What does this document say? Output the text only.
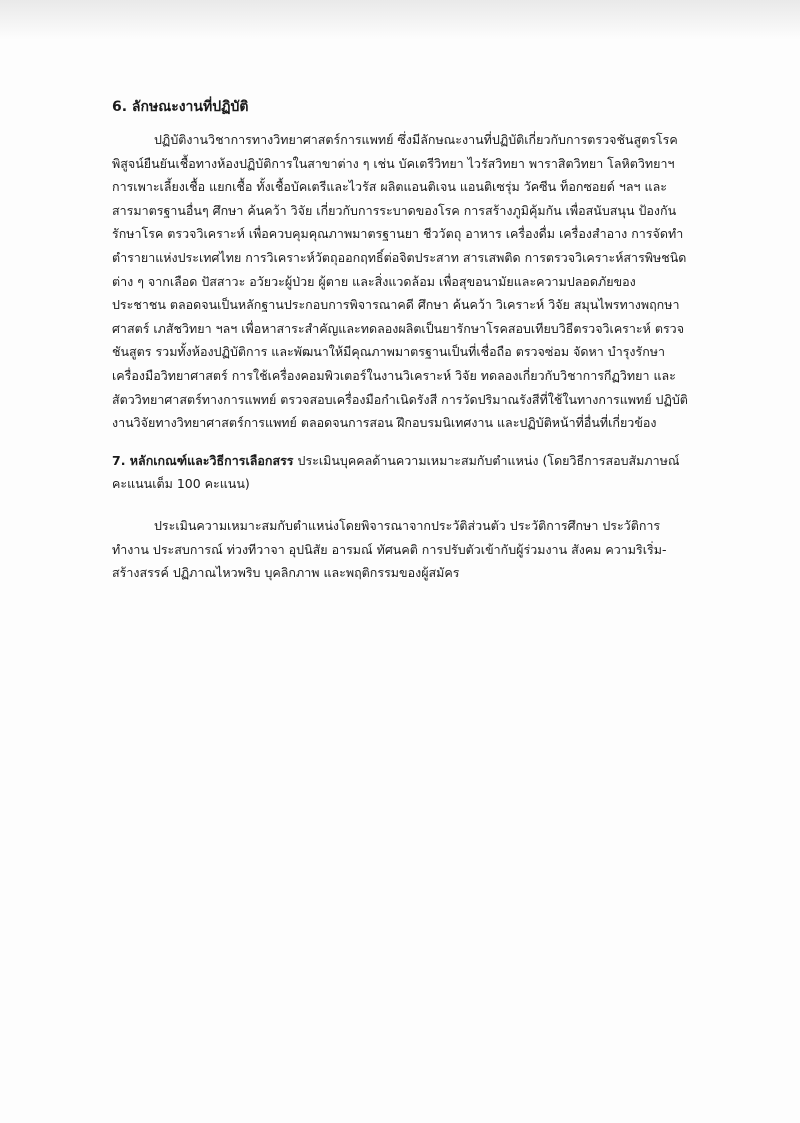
6. ลักษณะงานที่ปฏิบัติ
ปฏิบัติงานวิชาการทางวิทยาศาสตร์การแพทย์ ซึ่งมีลักษณะงานที่ปฏิบัติเกี่ยวกับการตรวจชันสูตรโรค
พิสูจน์ยืนยันเชื้อทางห้องปฏิบัติการในสาขาต่าง ๆ เช่น บัคเตรีวิทยา ไวรัสวิทยา พาราสิตวิทยา โลหิตวิทยาฯ
การเพาะเลี้ยงเชื้อ แยกเชื้อ ทั้งเชื้อบัคเตรีและไวรัส ผลิตแอนติเจน แอนติเซรุ่ม วัคซีน ท็อกซอยด์ ฯลฯ และ
สารมาตรฐานอื่นๆ ศึกษา ค้นคว้า วิจัย เกี่ยวกับการระบาดของโรค การสร้างภูมิคุ้มกัน เพื่อสนับสนุน ป้องกัน
รักษาโรค ตรวจวิเคราะห์ เพื่อควบคุมคุณภาพมาตรฐานยา ชีววัตถุ อาหาร เครื่องดื่ม เครื่องสำอาง การจัดทำ
ตำรายาแห่งประเทศไทย การวิเคราะห์วัตถุออกฤทธิ์ต่อจิตประสาท สารเสพติด การตรวจวิเคราะห์สารพิษชนิด
ต่าง ๆ จากเลือด ปัสสาวะ อวัยวะผู้ป่วย ผู้ตาย และสิ่งแวดล้อม เพื่อสุขอนามัยและความปลอดภัยของ
ประชาชน ตลอดจนเป็นหลักฐานประกอบการพิจารณาคดี ศึกษา ค้นคว้า วิเคราะห์ วิจัย สมุนไพรทางพฤกษา
ศาสตร์ เภสัชวิทยา ฯลฯ เพื่อหาสาระสำคัญและทดลองผลิตเป็นยารักษาโรคสอบเทียบวิธีตรวจวิเคราะห์ ตรวจ
ชันสูตร รวมทั้งห้องปฏิบัติการ และพัฒนาให้มีคุณภาพมาตรฐานเป็นที่เชื่อถือ ตรวจซ่อม จัดหา บำรุงรักษา
เครื่องมือวิทยาศาสตร์ การใช้เครื่องคอมพิวเตอร์ในงานวิเคราะห์ วิจัย ทดลองเกี่ยวกับวิชาการกีฏวิทยา และ
สัตววิทยาศาสตร์ทางการแพทย์ ตรวจสอบเครื่องมือกำเนิดรังสี การวัดปริมาณรังสีที่ใช้ในทางการแพทย์ ปฏิบัติ
งานวิจัยทางวิทยาศาสตร์การแพทย์ ตลอดจนการสอน ฝึกอบรมนิเทศงาน และปฏิบัติหน้าที่อื่นที่เกี่ยวข้อง
7. หลักเกณฑ์และวิธีการเลือกสรร ประเมินบุคคลด้านความเหมาะสมกับตำแหน่ง (โดยวิธีการสอบสัมภาษณ์
คะแนนเต็ม 100 คะแนน)
ประเมินความเหมาะสมกับตำแหน่งโดยพิจารณาจากประวัติส่วนตัว ประวัติการศึกษา ประวัติการ
ทำงาน ประสบการณ์ ท่วงทีวาจา อุปนิสัย อารมณ์ ทัศนคติ การปรับตัวเข้ากับผู้ร่วมงาน สังคม ความริเริ่ม-
สร้างสรรค์ ปฏิภาณไหวพริบ บุคลิกภาพ และพฤติกรรมของผู้สมัคร
